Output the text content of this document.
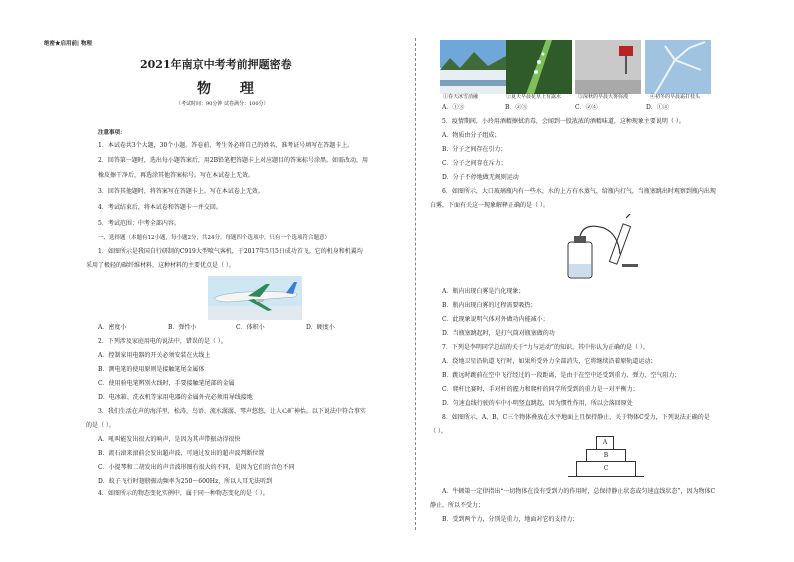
绝密★启用前| 物理
2021年南京中考考前押题密卷
物 理
（考试时间：90分钟 试卷满分：100分）
注意事项：
1．本试卷共3个大题，30个小题。答卷前，考生务必将自己的姓名、准考证号填写在答题卡上。
2．回答第一题时，选出每小题答案后，用2B铅笔把答题卡上对应题目的答案标号涂黑。如需改动，用
橡皮擦干净后，再选涂其他答案标号。写在本试卷上无效。
3．回答其他题时，将答案写在答题卡上。写在本试卷上无效。
4．考试结束后，将本试卷和答题卡一并交回。
5．考试范围：中考全部内容。
一、选择题（本题有12小题，每小题2分，共24分。每题四个选项中，只有一个选项符合题意）
1．如图所示是我国自行研制的C919大型喷气客机，于2017年5月5日成功首飞。它的机身和机翼均
采用了极轻的碳纤维材料，这种材料的主要优点是（ ）。
A．密度小	B．弹性小	C．体积小	D．硬度小
2．下列涉及家庭用电的说法中，错误的是（ ）。
A．控制家用电器的开关必须安装在火线上
B．测电笔的使用原则是接触笔尾金属体
C．使用验电笔辨别火线时，手要接触笔尾部的金属
D．电冰箱、洗衣机等家用电器的金属外壳必须用导线接地
3．我们生活在声的海洋里，松涛、鸟语、流水潺潺、琴声悠悠，让人心旷神怡。以下说法中符合事实
的是（ ）。
A．吼叫能发出很大的响声，是因为其声带振动得很快
B．流石滚来滚前会发出超声波，可通过发出的超声波判断位置
C．小提琴和二胡发出的声音波形图有很大的不同，是因为它们的音色不同
D．蚊子飞行时翅膀振动频率为250～600Hz，所以人耳无法听到
4．如图所示的物态变化实例中，属于同一种物态变化的是（ ）。
①春天冰雪消融	②夏天早晨花草上有露水	③深秋的早晨大雾弥漫	④初冬的早晨霜打枝头
A．①③	B．②③	C．②④	D．①④
5．疫情期间，小玲用酒精擦拭消毒，会闻到一股浓浓的酒精味道，这种现象主要说明（ ）。
A．物质由分子组成；
B．分子之间存在引力；
C．分子之间存在斥力；
D．分子不停地做无规则运动
6．如图所示，大口玻璃瓶内有一些水，水的上方有水蒸气，给瓶内打气，当瓶塞跳出时观察到瓶内出现
白雾，下面有关这一现象解释正确的是（ ）。
A．瓶内出现白雾是汽化现象；
B．瓶内出现白雾的过程需要吸热；
C．此现象说明气体对外做功内能减小；
D．当瓶塞跳起时，是打气筒对瓶塞做的功
7．下列是李明同学总结的关于“力与运动”的知识，其中你认为正确的是（ ）。
A．绕地卫星沿轨道飞行时，如果所受外力全部消失，它将继续沿着原轨道运动；
B．跳远时跳前在空中飞行经过的一段距离，是由于在空中还受到重力、弹力、空气阻力；
C．爬杆比赛时，手对杆的握力和爬杆的同学所受到的重力是一对平衡力；
D．匀速直线行驶的车中小明竖直跳起，因为惯性作用，所以会落回原处
8．如图所示，A、B、C三个物体叠放在水平地面上且保持静止，关于物体C受力，下列说法正确的是
（ ）。
A
B
C
A．牛顿第一定律指出“一切物体在没有受到力的作用时，总保持静止状态或匀速直线状态”，因为物体C
静止，所以不受力；
B．受到两个力，分别是重力，地面对它的支持力；
